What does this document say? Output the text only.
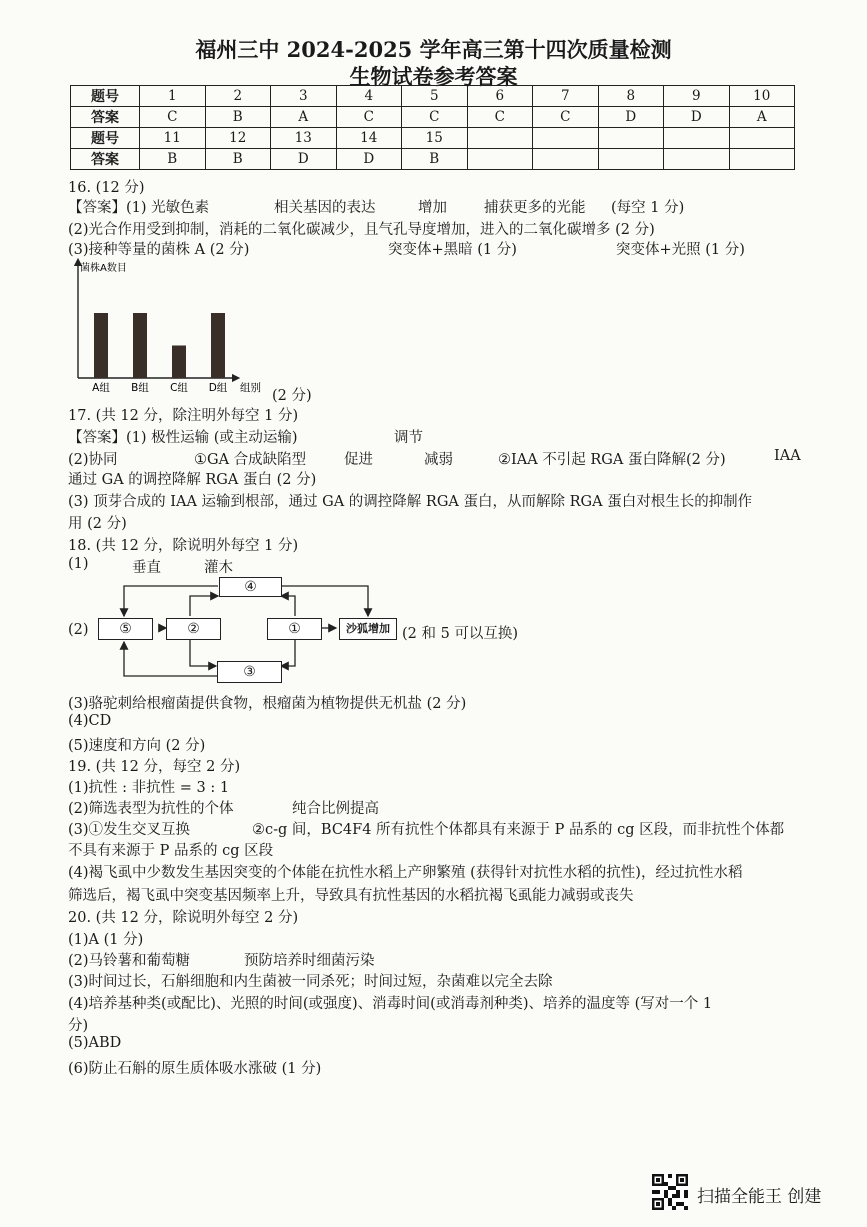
福州三中 2024-2025 学年高三第十四次质量检测
生物试卷参考答案
题号	1	2	3	4	5	6	7	8	9	10
答案	C	B	A	C	C	C	C	D	D	A
题号	11	12	13	14	15					
答案	B	B	D	D	B					
16. (12 分)
【答案】(1) 光敏色素	相关基因的表达	增加	捕获更多的光能 (每空 1 分)
(2)光合作用受到抑制，消耗的二氧化碳减少，且气孔导度增加，进入的二氧化碳增多 (2 分)
(3)接种等量的菌株 A (2 分)	突变体+黑暗 (1 分)	突变体+光照 (1 分)
菌株A数目
组别
A组 B组 C组 D组	(2 分)
17. (共 12 分，除注明外每空 1 分)
【答案】(1) 极性运输 (或主动运输)	调节
(2)协同	①GA 合成缺陷型	促进	减弱	②IAA 不引起 RGA 蛋白降解(2 分)	IAA
通过 GA 的调控降解 RGA 蛋白 (2 分)
(3) 顶芽合成的 IAA 运输到根部，通过 GA 的调控降解 RGA 蛋白，从而解除 RGA 蛋白对根生长的抑制作
用 (2 分)
18. (共 12 分，除说明外每空 1 分)
(1)	垂直	灌木
(2)
④
⑤	②	①	沙狐增加
③
(2 和 5 可以互换)
(3)骆驼刺给根瘤菌提供食物，根瘤菌为植物提供无机盐 (2 分)
(4)CD
(5)速度和方向 (2 分)
19. (共 12 分，每空 2 分)
(1)抗性 : 非抗性 = 3 : 1
(2)筛选表型为抗性的个体	纯合比例提高
(3)①发生交叉互换	②c-g 间，BC4F4 所有抗性个体都具有来源于 P 品系的 cg 区段，而非抗性个体都
不具有来源于 P 品系的 cg 区段
(4)褐飞虱中少数发生基因突变的个体能在抗性水稻上产卵繁殖 (获得针对抗性水稻的抗性)，经过抗性水稻
筛选后，褐飞虱中突变基因频率上升，导致具有抗性基因的水稻抗褐飞虱能力减弱或丧失
20. (共 12 分，除说明外每空 2 分)
(1)A (1 分)
(2)马铃薯和葡萄糖	预防培养时细菌污染
(3)时间过长，石斛细胞和内生菌被一同杀死；时间过短，杂菌难以完全去除
(4)培养基种类(或配比)、光照的时间(或强度)、消毒时间(或消毒剂种类)、培养的温度等 (写对一个 1
分)
(5)ABD
(6)防止石斛的原生质体吸水涨破 (1 分)
扫描全能王 创建
